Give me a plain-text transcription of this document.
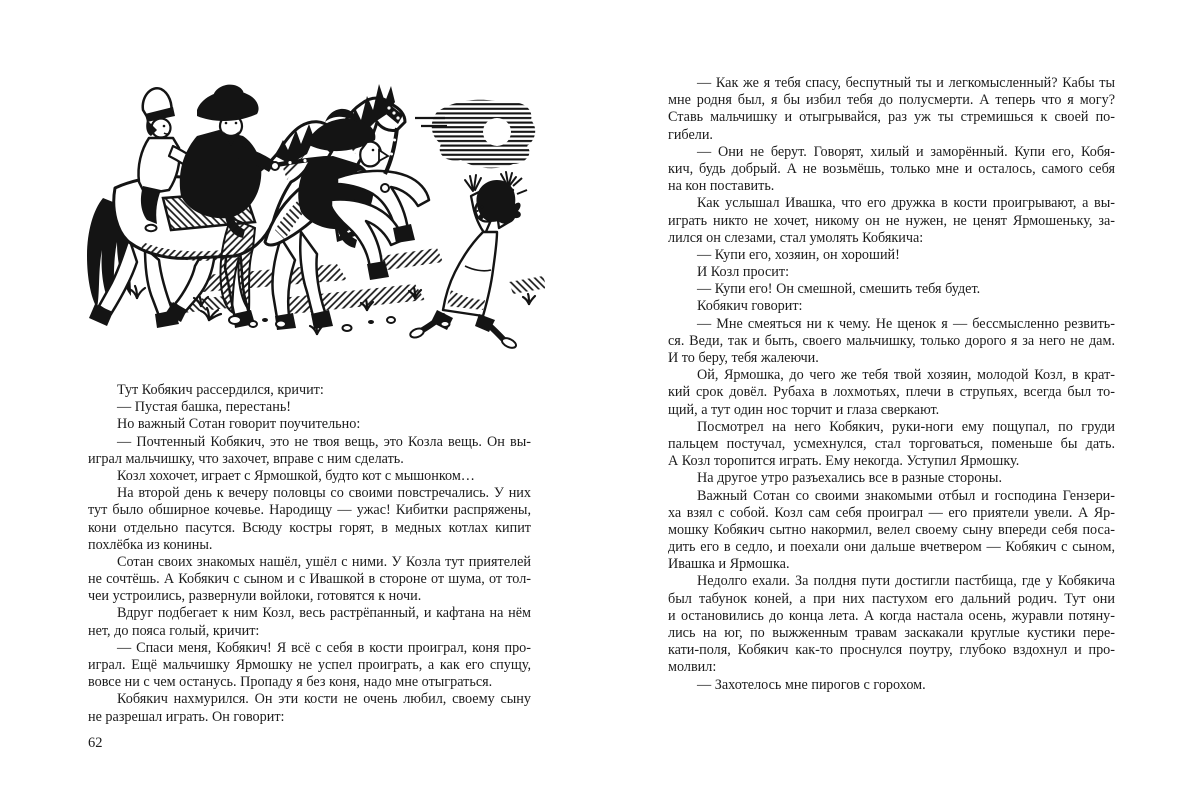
Тут Кобякич рассердился, кричит:
— Пустая башка, перестань!
Но важный Сотан говорит поучительно:
— Почтенный Кобякич, это не твоя вещь, это Козла вещь. Он вы-
играл мальчишку, что захочет, вправе с ним сделать.
Козл хохочет, играет с Ярмошкой, будто кот с мышонком…
На второй день к вечеру половцы со своими повстречались. У них
тут было обширное кочевье. Народищу — ужас! Кибитки распряжены,
кони отдельно пасутся. Всюду костры горят, в медных котлах кипит
похлёбка из конины.
Сотан своих знакомых нашёл, ушёл с ними. У Козла тут приятелей
не сочтёшь. А Кобякич с сыном и с Ивашкой в стороне от шума, от тол-
чеи устроились, развернули войлоки, готовятся к ночи.
Вдруг подбегает к ним Козл, весь растрёпанный, и кафтана на нём
нет, до пояса голый, кричит:
— Спаси меня, Кобякич! Я всё с себя в кости проиграл, коня про-
играл. Ещё мальчишку Ярмошку не успел проиграть, а как его спущу,
вовсе ни с чем останусь. Пропаду я без коня, надо мне отыграться.
Кобякич нахмурился. Он эти кости не очень любил, своему сыну
не разрешал играть. Он говорит:
— Как же я тебя спасу, беспутный ты и легкомысленный? Кабы ты
мне родня был, я бы избил тебя до полусмерти. А теперь что я могу?
Ставь мальчишку и отыгрывайся, раз уж ты стремишься к своей по-
гибели.
— Они не берут. Говорят, хилый и заморённый. Купи его, Кобя-
кич, будь добрый. А не возьмёшь, только мне и осталось, самого себя
на кон поставить.
Как услышал Ивашка, что его дружка в кости проигрывают, а вы-
играть никто не хочет, никому он не нужен, не ценят Ярмошеньку, за-
лился он слезами, стал умолять Кобякича:
— Купи его, хозяин, он хороший!
И Козл просит:
— Купи его! Он смешной, смешить тебя будет.
Кобякич говорит:
— Мне смеяться ни к чему. Не щенок я — бессмысленно резвить-
ся. Веди, так и быть, своего мальчишку, только дорого я за него не дам.
И то беру, тебя жалеючи.
Ой, Ярмошка, до чего же тебя твой хозяин, молодой Козл, в крат-
кий срок довёл. Рубаха в лохмотьях, плечи в струпьях, всегда был то-
щий, а тут один нос торчит и глаза сверкают.
Посмотрел на него Кобякич, руки-ноги ему пощупал, по груди
пальцем постучал, усмехнулся, стал торговаться, поменьше бы дать.
А Козл торопится играть. Ему некогда. Уступил Ярмошку.
На другое утро разъехались все в разные стороны.
Важный Сотан со своими знакомыми отбыл и господина Гензери-
ха взял с собой. Козл сам себя проиграл — его приятели увели. А Яр-
мошку Кобякич сытно накормил, велел своему сыну впереди себя поса-
дить его в седло, и поехали они дальше вчетвером — Кобякич с сыном,
Ивашка и Ярмошка.
Недолго ехали. За полдня пути достигли пастбища, где у Кобякича
был табунок коней, а при них пастухом его дальний родич. Тут они
и остановились до конца лета. А когда настала осень, журавли потяну-
лись на юг, по выжженным травам заскакали круглые кустики пере-
кати-поля, Кобякич как-то проснулся поутру, глубоко вздохнул и про-
молвил:
— Захотелось мне пирогов с горохом.
62
